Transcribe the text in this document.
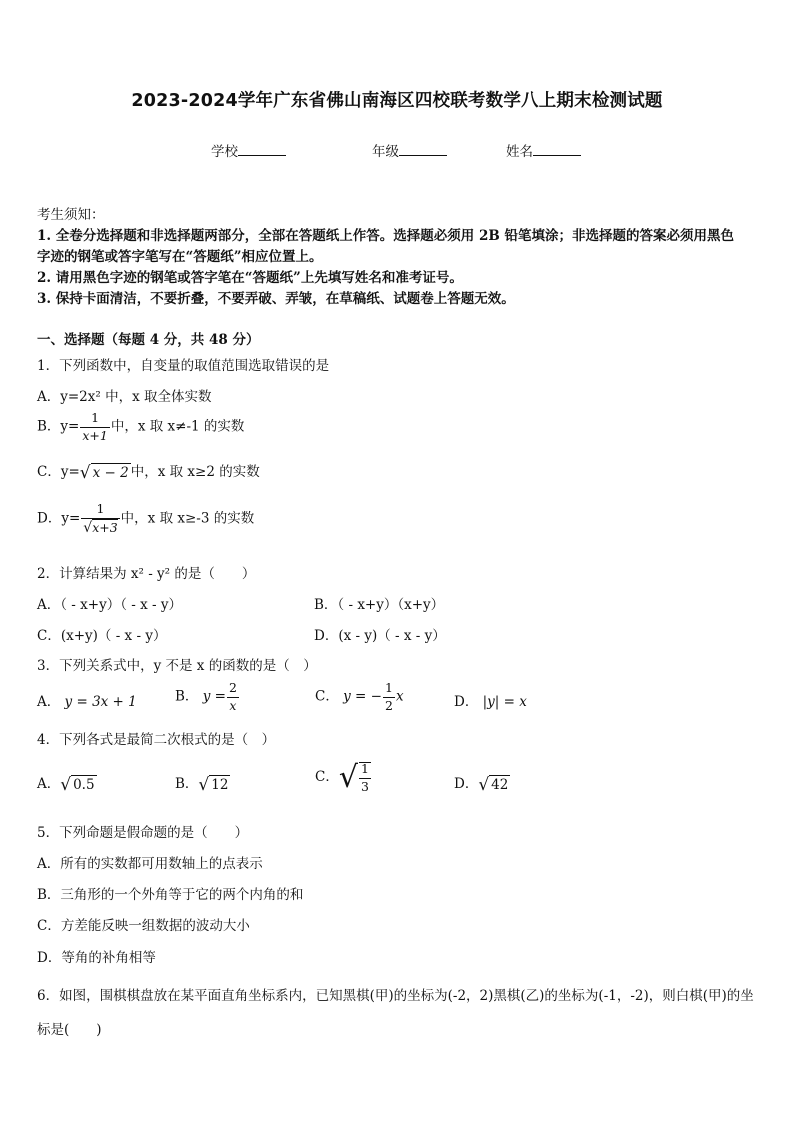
2023-2024学年广东省佛山南海区四校联考数学八上期末检测试题
学校	年级	姓名
考生须知：
1. 全卷分选择题和非选择题两部分，全部在答题纸上作答。选择题必须用 2B 铅笔填涂；非选择题的答案必须用黑色
字迹的钢笔或答字笔写在“答题纸”相应位置上。
2. 请用黑色字迹的钢笔或答字笔在“答题纸”上先填写姓名和准考证号。
3. 保持卡面清洁，不要折叠，不要弄破、弄皱，在草稿纸、试题卷上答题无效。
一、选择题（每题 4 分，共 48 分）
1．下列函数中，自变量的取值范围选取错误的是
A．y=2x² 中，x 取全体实数
B．$y= \frac{1}{x+1}$ 中，x 取 x≠-1 的实数
C．y=√ x − 2 中，x 取 x≥2 的实数
D．$y= \frac{1}{√x+3}$ 中，x 取 x≥-3 的实数
2．计算结果为 x² - y² 的是（　　）
A．（ - x+y）（ - x - y）	B．（ - x+y）（x+y）
C．(x+y)（ - x - y）	D．(x - y)（ - x - y）
3．下列关系式中，y 不是 x 的函数的是（　）
A． y = 3x + 1	B． $y = \frac{2}{x}$	C． y = − $\frac{1}{2}$ x	D． |y| = x
4．下列各式是最简二次根式的是（　）
A．√ 0.5	B．√ 12	C．√ $\frac{1}{3}$	D．√ 42
5．下列命题是假命题的是（　　）
A．所有的实数都可用数轴上的点表示
B．三角形的一个外角等于它的两个内角的和
C．方差能反映一组数据的波动大小
D．等角的补角相等
6．如图，围棋棋盘放在某平面直角坐标系内，已知黑棋(甲)的坐标为(-2，2)黑棋(乙)的坐标为(-1，-2)，则白棋(甲)的坐
标是(　　)
